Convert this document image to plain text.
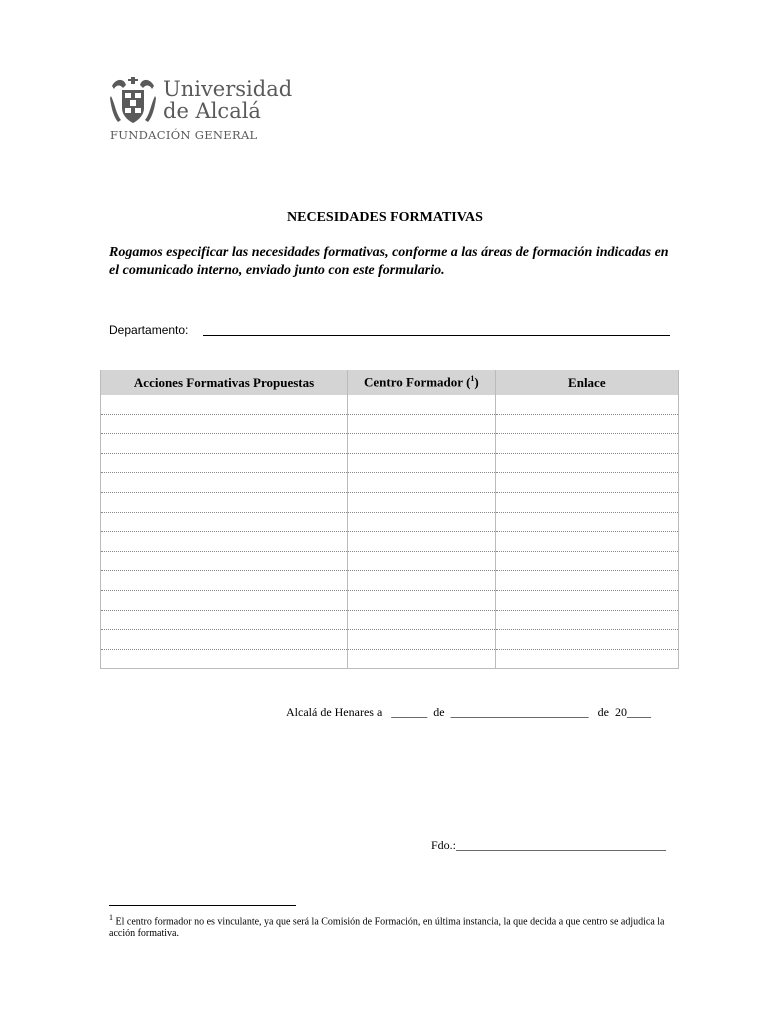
Universidad
de Alcalá
FUNDACIÓN GENERAL
NECESIDADES FORMATIVAS
Rogamos especificar las necesidades formativas, conforme a las áreas de formación indicadas en el comunicado interno, enviado junto con este formulario.
Departamento:
Acciones Formativas Propuestas	Centro Formador ($^1$)	Enlace

Alcalá de Henares a ______ de _______________________ de 20____
Fdo.:___________________________________
$^1$ El centro formador no es vinculante, ya que será la Comisión de Formación, en última instancia, la que decida a que centro se adjudica la acción formativa.
